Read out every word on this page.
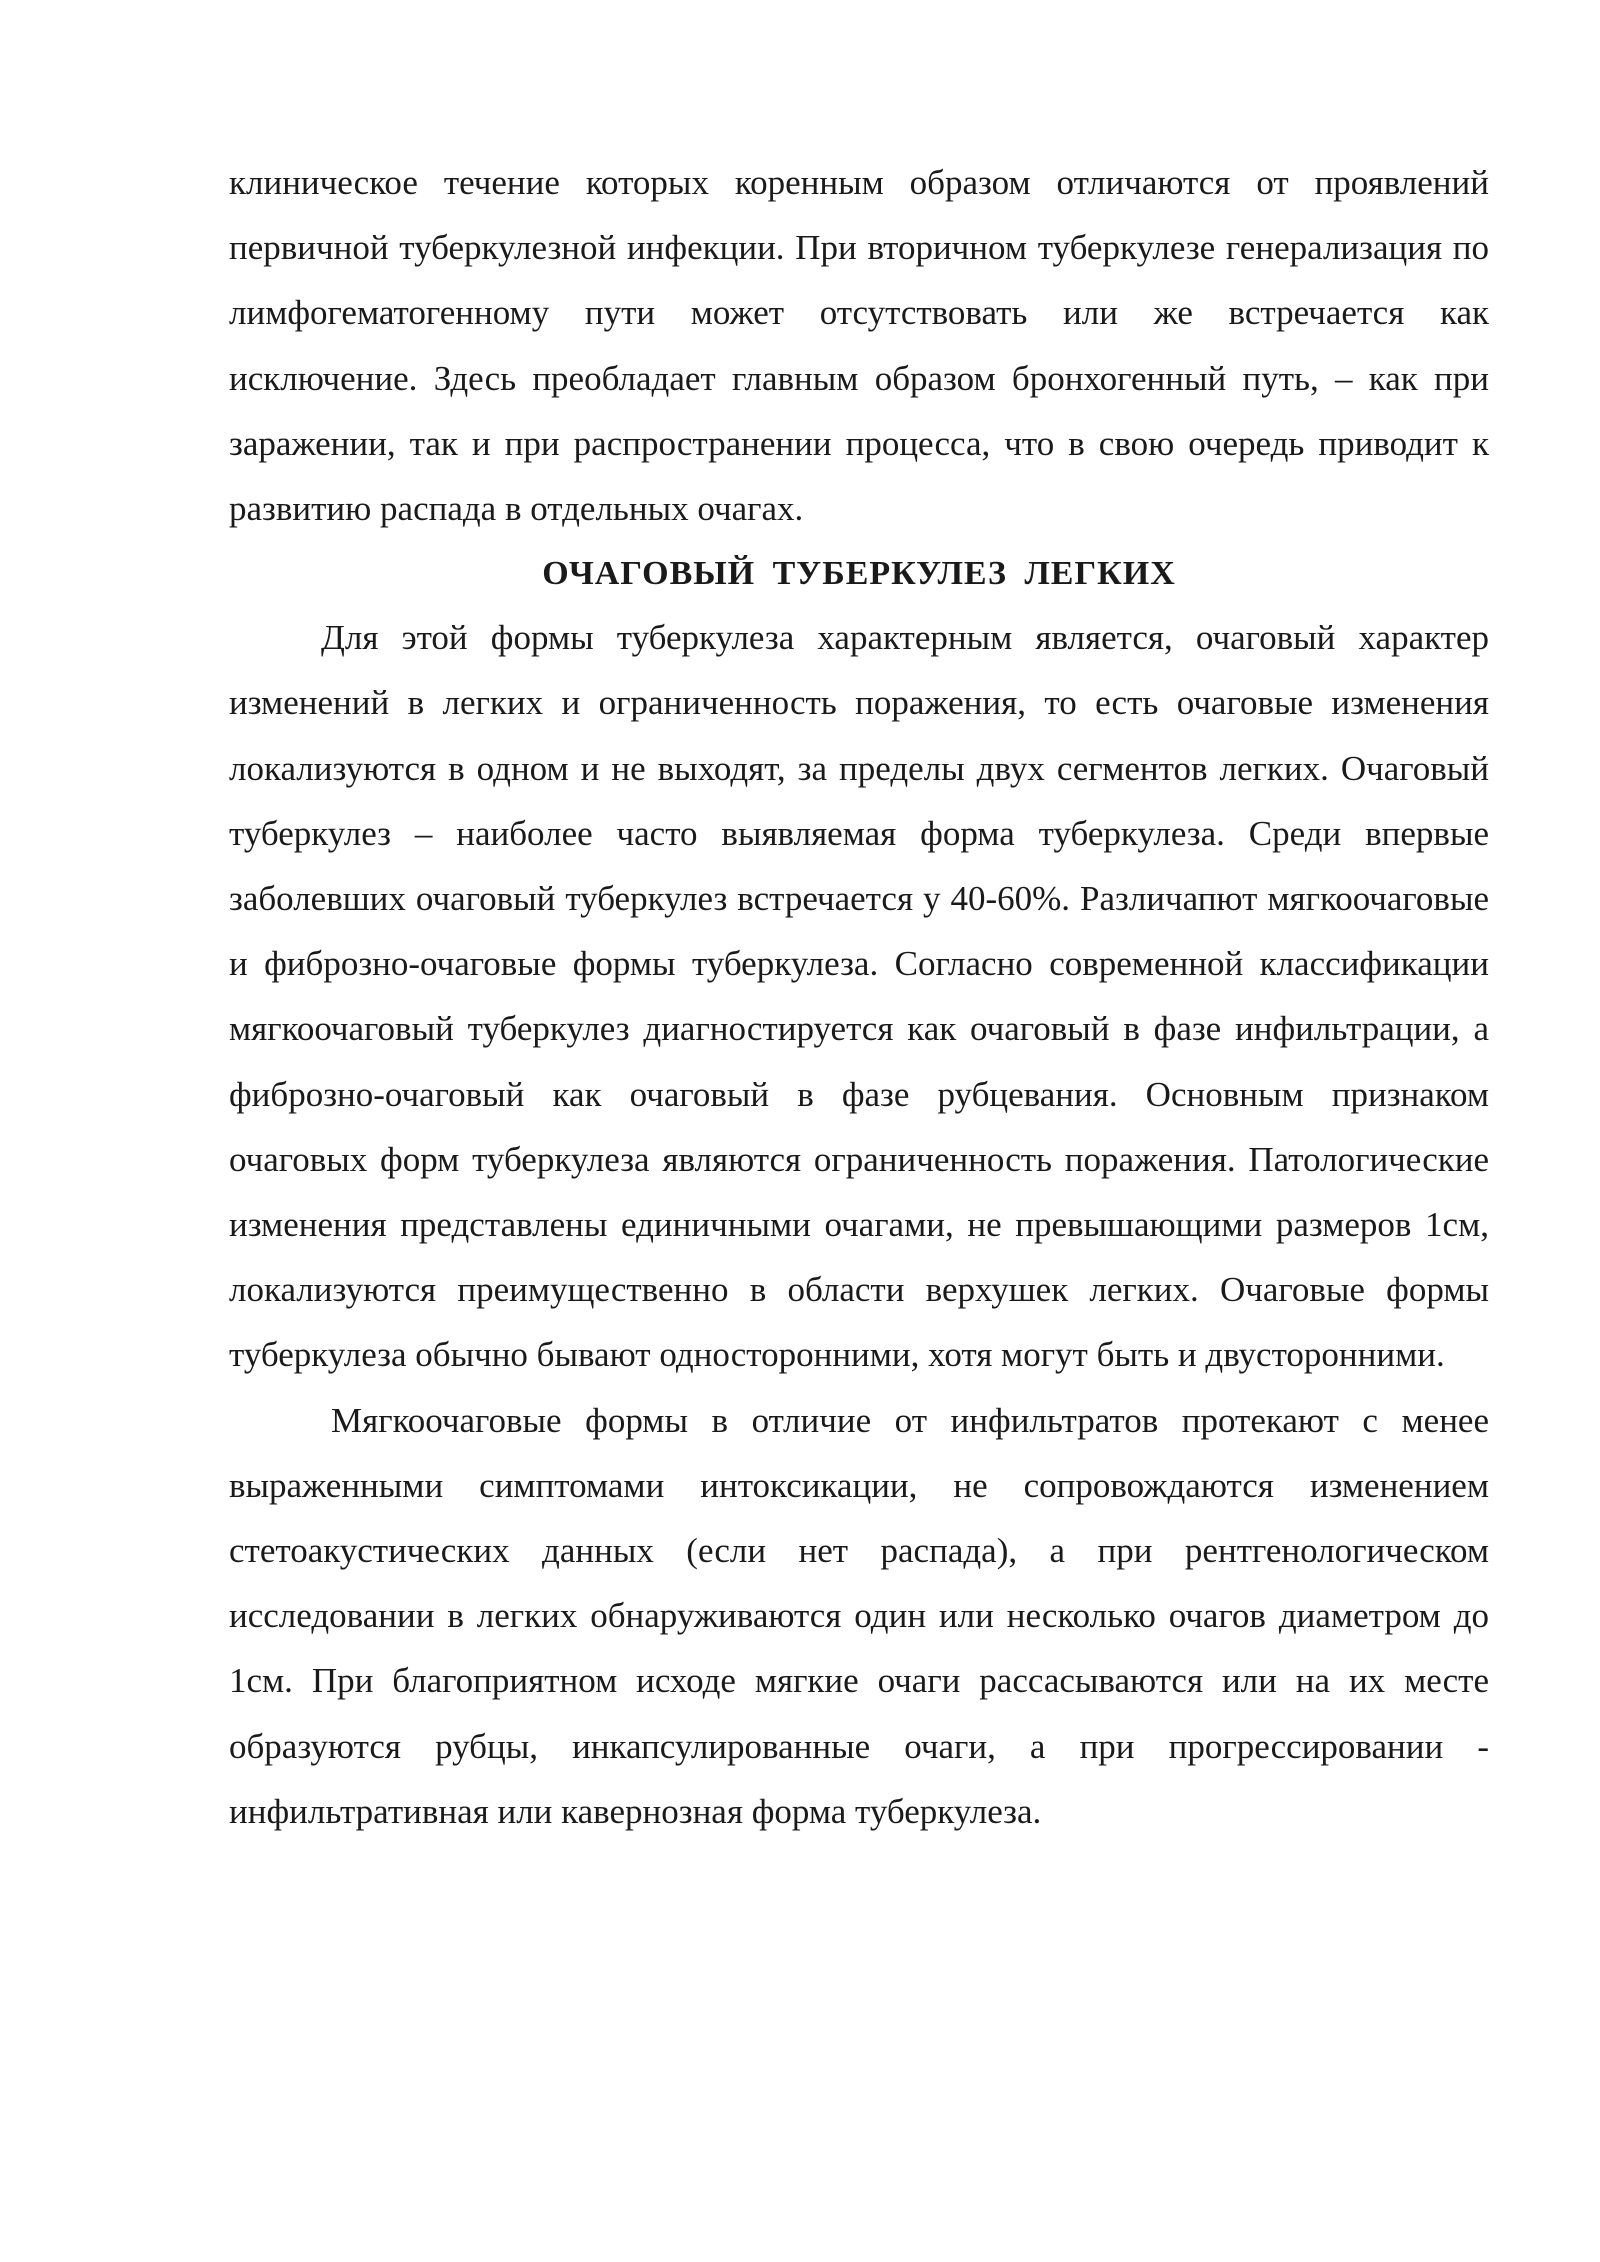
клиническое течение которых коренным образом отличаются от проявлений первичной туберкулезной инфекции. При вторичном туберкулезе генерализация по лимфогематогенному пути может отсутствовать или же встречается как исключение. Здесь преобладает главным образом бронхогенный путь, – как при заражении, так и при распространении процесса, что в свою очередь приводит к развитию распада в отдельных очагах.

ОЧАГОВЫЙ ТУБЕРКУЛЕЗ ЛЕГКИХ

Для этой формы туберкулеза характерным является, очаговый характер изменений в легких и ограниченность поражения, то есть очаговые изменения локализуются в одном и не выходят, за пределы двух сегментов легких. Очаговый туберкулез – наиболее часто выявляемая форма туберкулеза. Среди впервые заболевших очаговый туберкулез встречается у 40-60%. Различапют мягкоочаговые и фиброзно-очаговые формы туберкулеза. Согласно современной классификации мягкоочаговый туберкулез диагностируется как очаговый в фазе инфильтрации, а фиброзно-очаговый как очаговый в фазе рубцевания. Основным признаком очаговых форм туберкулеза являются ограниченность поражения. Патологические изменения представлены единичными очагами, не превышающими размеров 1см, локализуются преимущественно в области верхушек легких. Очаговые формы туберкулеза обычно бывают односторонними, хотя могут быть и двусторонними.

Мягкоочаговые формы в отличие от инфильтратов протекают с менее выраженными симптомами интоксикации, не сопровождаются изменением стетоакустических данных (если нет распада), а при рентгенологическом исследовании в легких обнаруживаются один или несколько очагов диаметром до 1см. При благоприятном исходе мягкие очаги рассасываются или на их месте образуются рубцы, инкапсулированные очаги, а при прогрессировании - инфильтративная или кавернозная форма туберкулеза.
